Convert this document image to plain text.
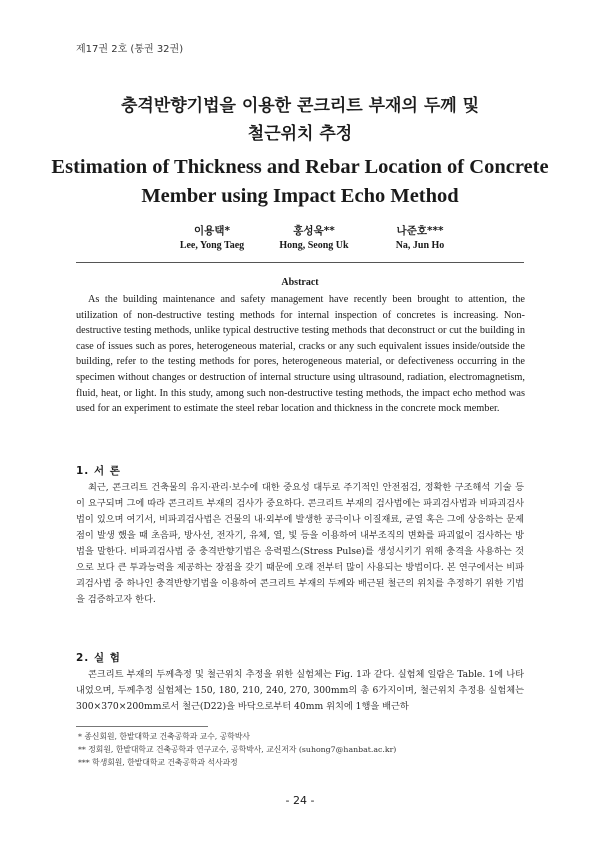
제17권 2호 (통권 32권)
충격반향기법을 이용한 콘크리트 부재의 두께 및
철근위치 추정
Estimation of Thickness and Rebar Location of Concrete
Member using Impact Echo Method
이용택*
Lee, Yong Taeg
홍성욱**
Hong, Seong Uk
나준호***
Na, Jun Ho
Abstract

As the building maintenance and safety management have recently been brought to attention, the utilization of non-destructive testing methods for internal inspection of concretes is increasing. Non-destructive testing methods, unlike typical destructive testing methods that deconstruct or cut the building in case of issues such as pores, heterogeneous material, cracks or any such equivalent issues inside/outside the building, refer to the testing methods for pores, heterogeneous material, or defectiveness occurring in the specimen without changes or destruction of internal structure using ultrasound, radiation, electromagnetism, fluid, heat, or light. In this study, among such non-destructive testing methods, the impact echo method was used for an experiment to estimate the steel rebar location and thickness in the concrete mock member.

1. 서 론

최근, 콘크리트 건축물의 유지·관리·보수에 대한 중요성 대두로 주기적인 안전점검, 정확한 구조해석 기술 등이 요구되며 그에 따라 콘크리트 부재의 검사가 중요하다. 콘크리트 부재의 검사법에는 파괴검사법과 비파괴검사법이 있으며 여기서, 비파괴검사법은 건물의 내·외부에 발생한 공극이나 이질재료, 균열 혹은 그에 상응하는 문제점이 발생 했을 때 초음파, 방사선, 전자기, 유체, 열, 빛 등을 이용하여 내부조직의 변화를 파괴없이 검사하는 방법을 말한다. 비파괴검사법 중 충격반향기법은 응력펄스(Stress Pulse)를 생성시키기 위해 충격을 사용하는 것으로 보다 큰 투과능력을 제공하는 장점을 갖기 때문에 오래 전부터 많이 사용되는 방법이다. 본 연구에서는 비파괴검사법 중 하나인 충격반향기법을 이용하여 콘크리트 부재의 두께와 배근된 철근의 위치를 추정하기 위한 기법을 검증하고자 한다.

2. 실 험

콘크리트 부재의 두께측정 및 철근위치 추정을 위한 실험체는 Fig. 1과 같다. 실험체 일람은 Table. 1에 나타내었으며, 두께추정 실험체는 150, 180, 210, 240, 270, 300mm의 총 6가지이며, 철근위치 추정용 실험체는 300×370×200mm로서 철근(D22)을 바닥으로부터 40mm 위치에 1행을 배근하

* 종신회원, 한밭대학교 건축공학과 교수, 공학박사
** 정회원, 한밭대학교 건축공학과 연구교수, 공학박사, 교신저자 (suhong7@hanbat.ac.kr)
*** 학생회원, 한밭대학교 건축공학과 석사과정
- 24 -
